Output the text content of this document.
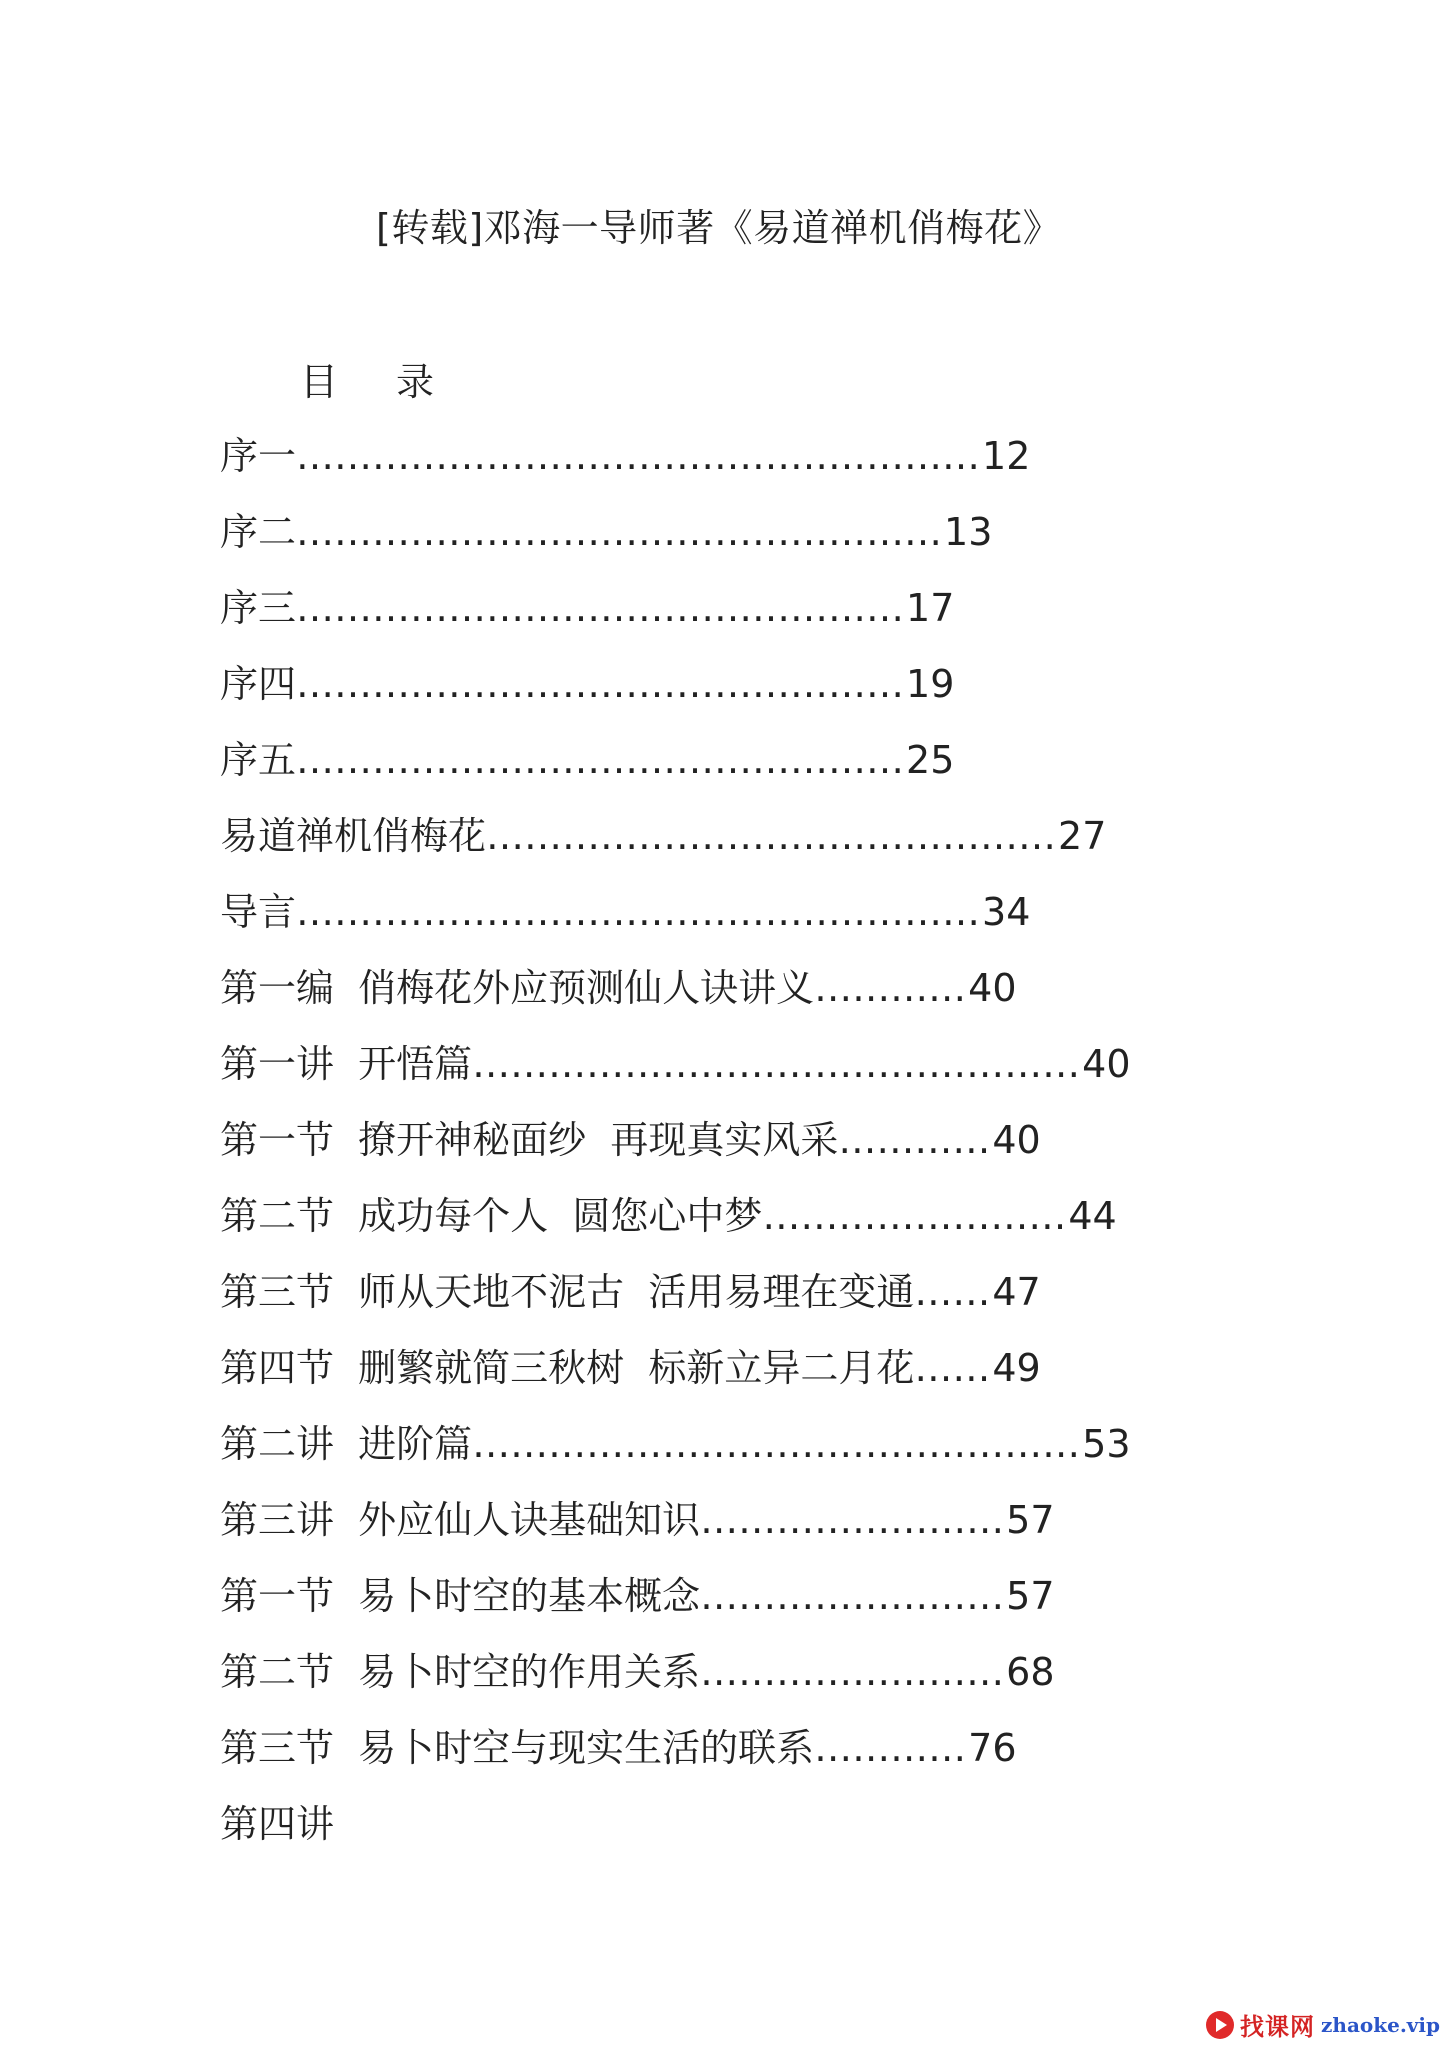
[转载]邓海一导师著《易道禅机俏梅花》
目 录
序一 ……………………………………………… 12
序二 …………………………………………… 13
序三 ………………………………………… 17
序四 ………………………………………… 19
序五 ………………………………………… 25
易道禅机俏梅花 ……………………………………… 27
导言 ……………………………………………… 34
第一编  俏梅花外应预测仙人诀讲义 ………… 40
第一讲  开悟篇 ………………………………………… 40
第一节  撩开神秘面纱  再现真实风采 ………… 40
第二节  成功每个人  圆您心中梦 …………………… 44
第三节  师从天地不泥古  活用易理在变通 …… 47
第四节  删繁就简三秋树  标新立异二月花 …… 49
第二讲  进阶篇 ………………………………………… 53
第三讲  外应仙人诀基础知识 …………………… 57
第一节  易卜时空的基本概念 …………………… 57
第二节  易卜时空的作用关系 …………………… 68
第三节  易卜时空与现实生活的联系 ………… 76
第四讲
找课网 zhaoke.vip
